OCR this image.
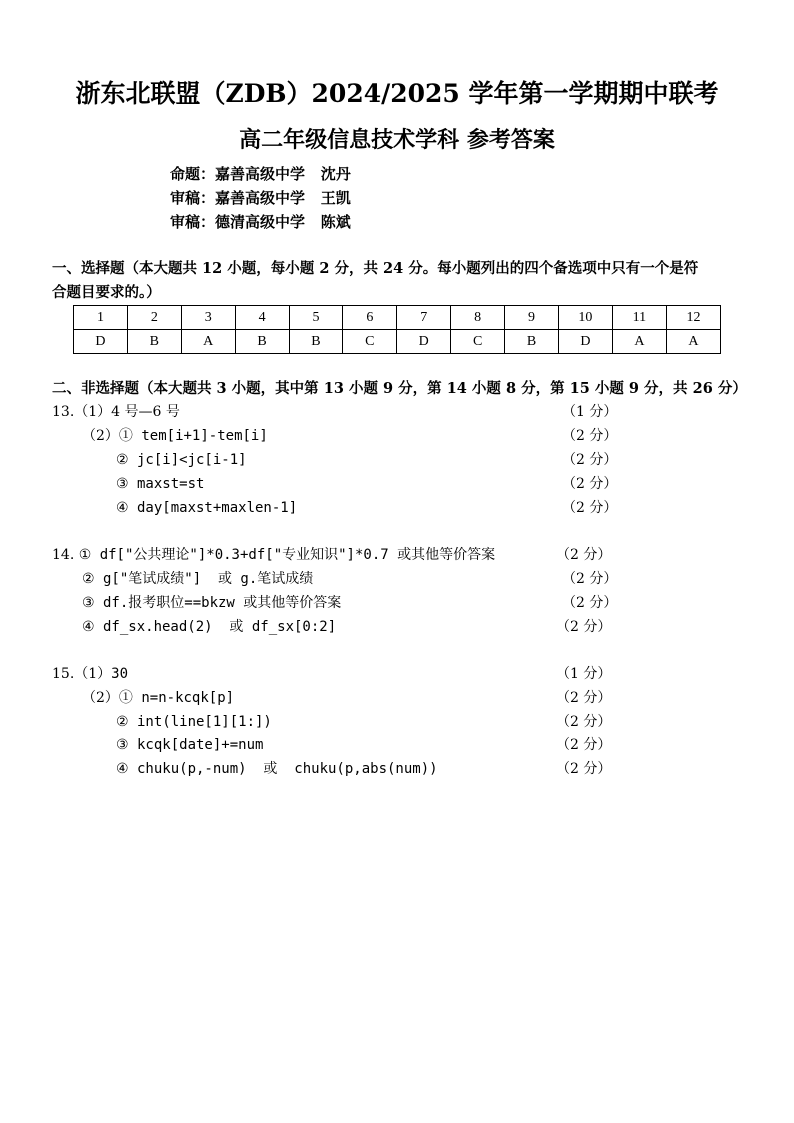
浙东北联盟（ZDB）2024/2025 学年第一学期期中联考
高二年级信息技术学科 参考答案
命题：嘉善高级中学 沈丹
审稿：嘉善高级中学 王凯
审稿：德清高级中学 陈斌
一、选择题（本大题共 12 小题，每小题 2 分，共 24 分。每小题列出的四个备选项中只有一个是符
合题目要求的。）
1	2	3	4	5	6	7	8	9	10	11	12
D	B	A	B	B	C	D	C	B	D	A	A
二、非选择题（本大题共 3 小题，其中第 13 小题 9 分，第 14 小题 8 分，第 15 小题 9 分，共 26 分）
13.（1）4 号—6 号	（1 分）
（2）① tem[i+1]-tem[i]	（2 分）
② jc[i]<jc[i-1]	（2 分）
③ maxst=st	（2 分）
④ day[maxst+maxlen-1]	（2 分）
14. ① df["公共理论"]*0.3+df["专业知识"]*0.7 或其他等价答案	（2 分）
② g["笔试成绩"]  或 g.笔试成绩	（2 分）
③ df.报考职位==bkzw 或其他等价答案	（2 分）
④ df_sx.head(2)  或 df_sx[0:2]	（2 分）
15.（1）30	（1 分）
（2）① n=n-kcqk[p]	（2 分）
② int(line[1][1:])	（2 分）
③ kcqk[date]+=num	（2 分）
④ chuku(p,-num)  或  chuku(p,abs(num))	（2 分）
